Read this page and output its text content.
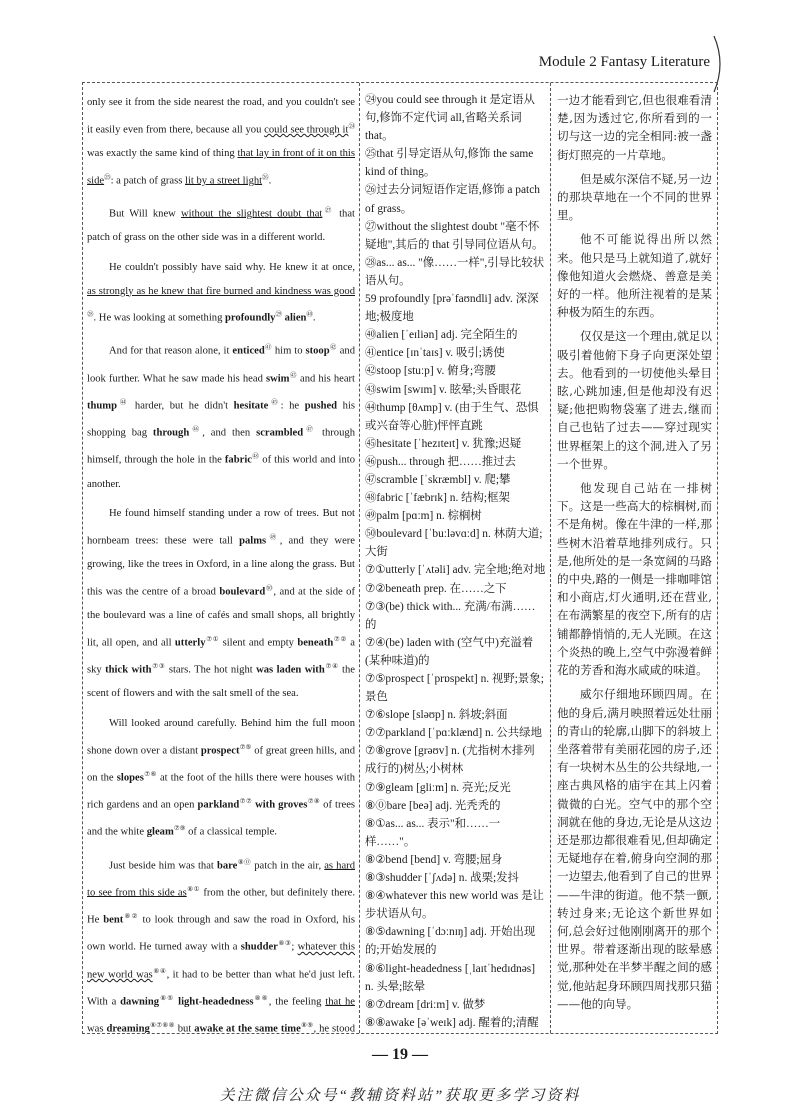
Module 2 Fantasy Literature

only see it from the side nearest the road, and you couldn't see it easily even from there, because all you could see through $it^㉔$ was exactly the same kind of thing that lay in front of it on this side$^㉕$: a patch of grass lit by a street light$^㉖$.

But Will knew without the slightest doubt that$^㉗$ that patch of grass on the other side was in a different world.

He couldn't possibly have said why. He knew it at once, as strongly as he knew that fire burned and kindness was good$^㉘$. He was looking at something profoundly$^㉙$ alien$^㊵$.

And for that reason alone, it enticed$^㊶$ him to stoop$^㊷$ and look further. What he saw made his head swim$^㊸$ and his heart thump$^㊹$ harder, but he didn't hesitate$^㊺$: he pushed his shopping bag through$^㊻$, and then scrambled$^㊼$ through himself, through the hole in the fabric$^㊽$ of this world and into another.

He found himself standing under a row of trees. But not hornbeam trees: these were tall palms$^㊾$, and they were growing, like the trees in Oxford, in a line along the grass. But this was the centre of a broad boulevard$^㊿$, and at the side of the boulevard was a line of cafés and small shops, all brightly lit, all open, and all utterly⑦① silent and empty beneath⑦② a sky thick with⑦③ stars. The hot night was laden with⑦④ the scent of flowers and with the salt smell of the sea.

Will looked around carefully. Behind him the full moon shone down over a distant prospect⑦⑤ of great green hills, and on the slopes⑦⑥ at the foot of the hills there were houses with rich gardens and an open parkland⑦⑦ with groves⑦⑧ of trees and the white gleam⑦⑨ of a classical temple.

Just beside him was that bare⑧⓪ patch in the air, as hard to see from this side as⑧① from the other, but definitely there. He bent⑧② to look through and saw the road in Oxford, his own world. He turned away with a shudder⑧③; whatever this new world was⑧④, it had to be better than what he'd just left. With a dawning⑧⑤ light-headedness⑧⑥, the feeling that he was dreaming⑧⑦⑧⑧ but awake at the same time⑧⑨, he stood

㉔you could see through it 是定语从句,修饰不定代词 all,省略关系词 that。

㉕that 引导定语从句,修饰 the same kind of thing。

㉖过去分词短语作定语,修饰 a patch of grass。

㉗without the slightest doubt "毫不怀疑地",其后的 that 引导同位语从句。

㉘as... as... "像……一样",引导比较状语从句。

59 profoundly [prəˈfaʊndli] adv. 深深地;极度地

㊵alien [ˈeɪliən] adj. 完全陌生的

㊶entice [ɪnˈtaɪs] v. 吸引;诱使

㊷stoop [stuːp] v. 俯身;弯腰

㊸swim [swɪm] v. 眩晕;头昏眼花

㊹thump [θʌmp] v. (由于生气、恐惧或兴奋等心脏)怦怦直跳

㊺hesitate [ˈhezɪteɪt] v. 犹豫;迟疑

㊻push... through 把……推过去

㊼scramble [ˈskræmbl] v. 爬;攀

㊽fabric [ˈfæbrɪk] n. 结构;框架

㊾palm [pɑːm] n. 棕榈树

㊿boulevard [ˈbuːləvɑːd] n. 林荫大道;大街

⑦①utterly [ˈʌtəli] adv. 完全地;绝对地

⑦②beneath prep. 在……之下

⑦③(be) thick with... 充满/布满……的

⑦④(be) laden with (空气中)充溢着(某种味道)的

⑦⑤prospect [ˈprɒspekt] n. 视野;景象;景色

⑦⑥slope [sləʊp] n. 斜坡;斜面

⑦⑦parkland [ˈpɑːklænd] n. 公共绿地

⑦⑧grove [grəʊv] n. (尤指树木排列成行的)树丛;小树林

⑦⑨gleam [gliːm] n. 亮光;反光

⑧⓪bare [beə] adj. 光秃秃的

⑧①as... as... 表示"和……一样……"。

⑧②bend [bend] v. 弯腰;屈身

⑧③shudder [ˈʃʌdə] n. 战栗;发抖

⑧④whatever this new world was 是让步状语从句。

⑧⑤dawning [ˈdɔːnɪŋ] adj. 开始出现的;开始发展的

⑧⑥light-headedness [ˌlaɪtˈhedɪdnəs] n. 头晕;眩晕

⑧⑦dream [driːm] v. 做梦

⑧⑧awake [əˈweɪk] adj. 醒着的;清醒

一边才能看到它,但也很难看清楚,因为透过它,你所看到的一切与这一边的完全相同:被一盏街灯照亮的一片草地。

但是威尔深信不疑,另一边的那块草地在一个不同的世界里。

他不可能说得出所以然来。他只是马上就知道了,就好像他知道火会燃烧、善意是美好的一样。他所注视着的是某种极为陌生的东西。

仅仅是这一个理由,就足以吸引着他俯下身子向更深处望去。他看到的一切使他头晕目眩,心跳加速,但是他却没有迟疑;他把购物袋塞了进去,继而自己也钻了过去——穿过现实世界框架上的这个洞,进入了另一个世界。

他发现自己站在一排树下。这是一些高大的棕榈树,而不是角树。像在牛津的一样,那些树木沿着草地排列成行。只是,他所处的是一条宽阔的马路的中央,路的一侧是一排咖啡馆和小商店,灯火通明,还在营业,在布满繁星的夜空下,所有的店铺都静悄悄的,无人光顾。在这个炎热的晚上,空气中弥漫着鲜花的芳香和海水咸咸的味道。

威尔仔细地环顾四周。在他的身后,满月映照着远处壮丽的青山的轮廓,山脚下的斜坡上坐落着带有美丽花园的房子,还有一块树木丛生的公共绿地,一座古典风格的庙宇在其上闪着微微的白光。空气中的那个空洞就在他的身边,无论是从这边还是那边都很难看见,但却确定无疑地存在着,俯身向空洞的那一边望去,他看到了自己的世界——牛津的街道。他不禁一颤,转过身来;无论这个新世界如何,总会好过他刚刚离开的那个世界。带着逐渐出现的眩晕感觉,那种处在半梦半醒之间的感觉,他站起身环顾四周找那只猫——他的向导。

— 19 —
关注微信公众号“教辅资料站”获取更多学习资料
